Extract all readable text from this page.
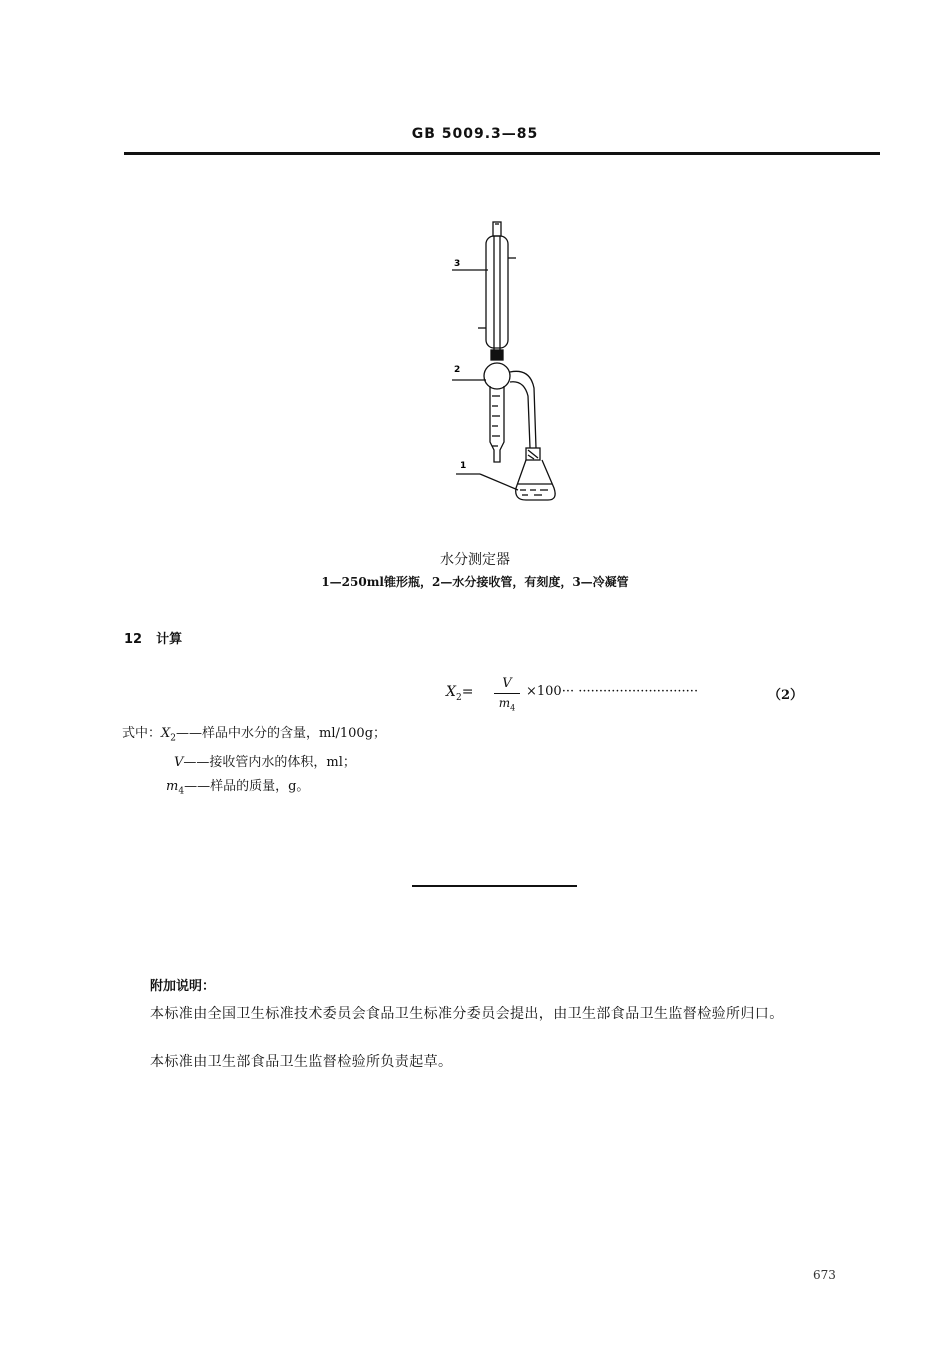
GB 5009.3—85
3
2
1
水分测定器
1—250ml锥形瓶，2—水分接收管，有刻度，3—冷凝管
12 计算
$X_2=$
V
$m_4$
×100··· ·····························	（2）
式中：$X_2——$样品中水分的含量，ml/100g；
V——接收管内水的体积，ml；
$m_4——$样品的质量，g。
附加说明：
本标准由全国卫生标准技术委员会食品卫生标准分委员会提出，由卫生部食品卫生监督检验所归口。
本标准由卫生部食品卫生监督检验所负责起草。
673
